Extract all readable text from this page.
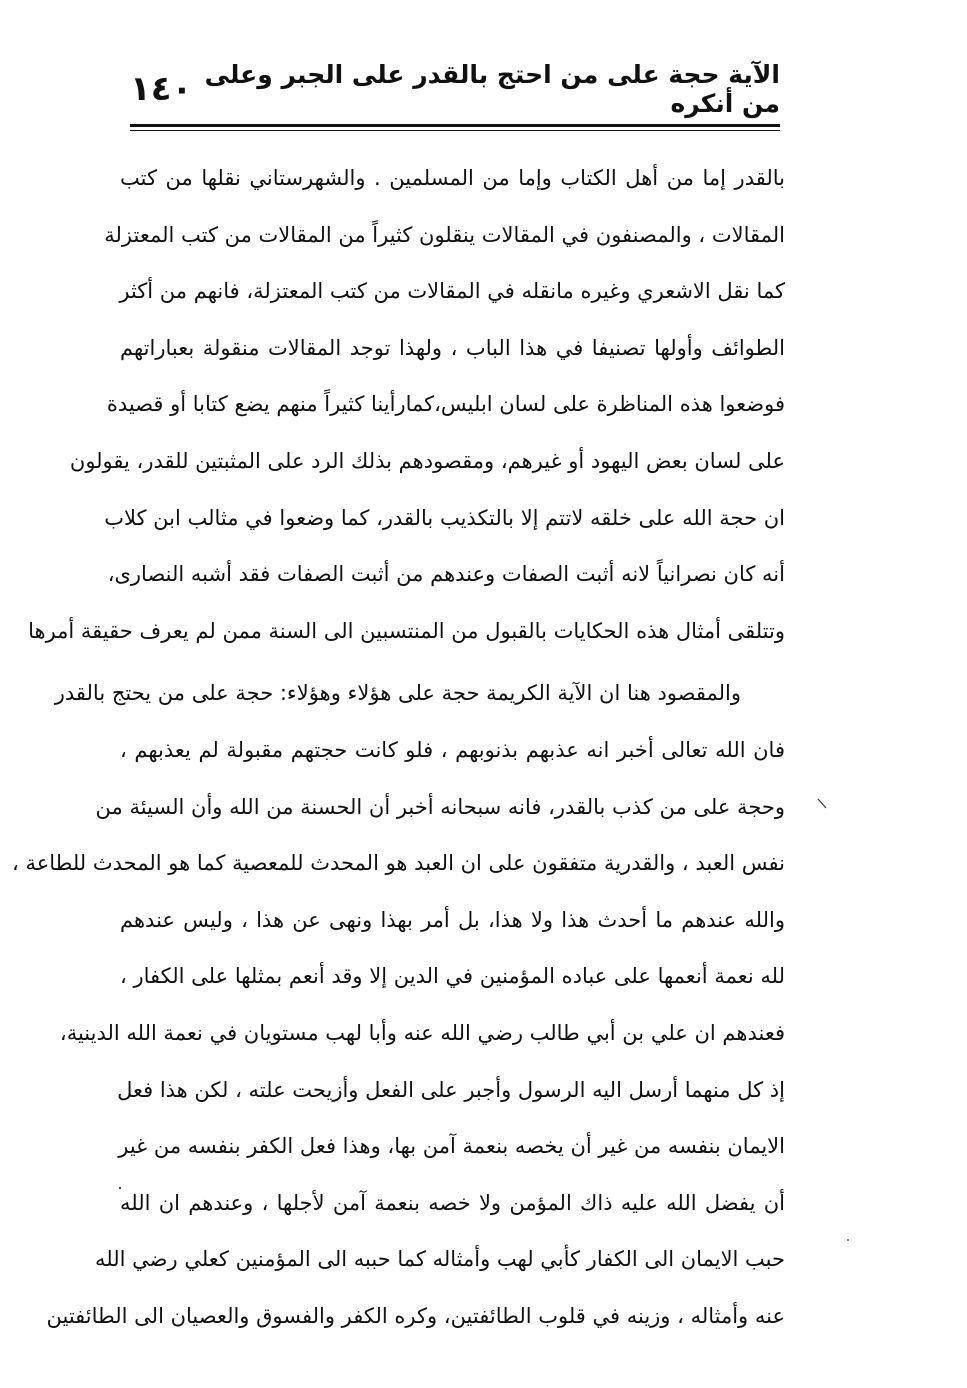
الآية حجة على من احتج بالقدر على الجبر وعلى من أنكره
١٤٠
بالقدر إما من أهل الكتاب وإما من المسلمين . والشهرستاني نقلها من كتب
المقالات ، والمصنفون في المقالات ينقلون كثيراً من المقالات من كتب المعتزلة
كما نقل الاشعري وغيره مانقله في المقالات من كتب المعتزلة، فانهم من أكثر
الطوائف وأولها تصنيفا في هذا الباب ، ولهذا توجد المقالات منقولة بعباراتهم
فوضعوا هذه المناظرة على لسان ابليس،كمارأينا كثيراً منهم يضع كتابا أو قصيدة
على لسان بعض اليهود أو غيرهم، ومقصودهم بذلك الرد على المثبتين للقدر، يقولون
ان حجة الله على خلقه لاتتم إلا بالتكذيب بالقدر، كما وضعوا في مثالب ابن كلاب
أنه كان نصرانياً لانه أثبت الصفات وعندهم من أثبت الصفات فقد أشبه النصارى،
وتتلقى أمثال هذه الحكايات بالقبول من المنتسبين الى السنة ممن لم يعرف حقيقة أمرها
والمقصود هنا ان الآية الكريمة حجة على هؤلاء وهؤلاء: حجة على من يحتج بالقدر
فان الله تعالى أخبر انه عذبهم بذنوبهم ، فلو كانت حجتهم مقبولة لم يعذبهم ،
وحجة على من كذب بالقدر، فانه سبحانه أخبر أن الحسنة من الله وأن السيئة من
نفس العبد ، والقدرية متفقون على ان العبد هو المحدث للمعصية كما هو المحدث للطاعة ،
والله عندهم ما أحدث هذا ولا هذا، بل أمر بهذا ونهى عن هذا ، وليس عندهم
لله نعمة أنعمها على عباده المؤمنين في الدين إلا وقد أنعم بمثلها على الكفار ،
فعندهم ان علي بن أبي طالب رضي الله عنه وأبا لهب مستويان في نعمة الله الدينية،
إذ كل منهما أرسل اليه الرسول وأجبر على الفعل وأزيحت علته ، لكن هذا فعل
الايمان بنفسه من غير أن يخصه بنعمة آمن بها، وهذا فعل الكفر بنفسه من غير
أن يفضل الله عليه ذاك المؤمن ولا خصه بنعمة آمن لأجلها ، وعندهم ان الله
حبب الايمان الى الكفار كأبي لهب وأمثاله كما حببه الى المؤمنين كعلي رضي الله
عنه وأمثاله ، وزينه في قلوب الطائفتين، وكره الكفر والفسوق والعصيان الى الطائفتين
